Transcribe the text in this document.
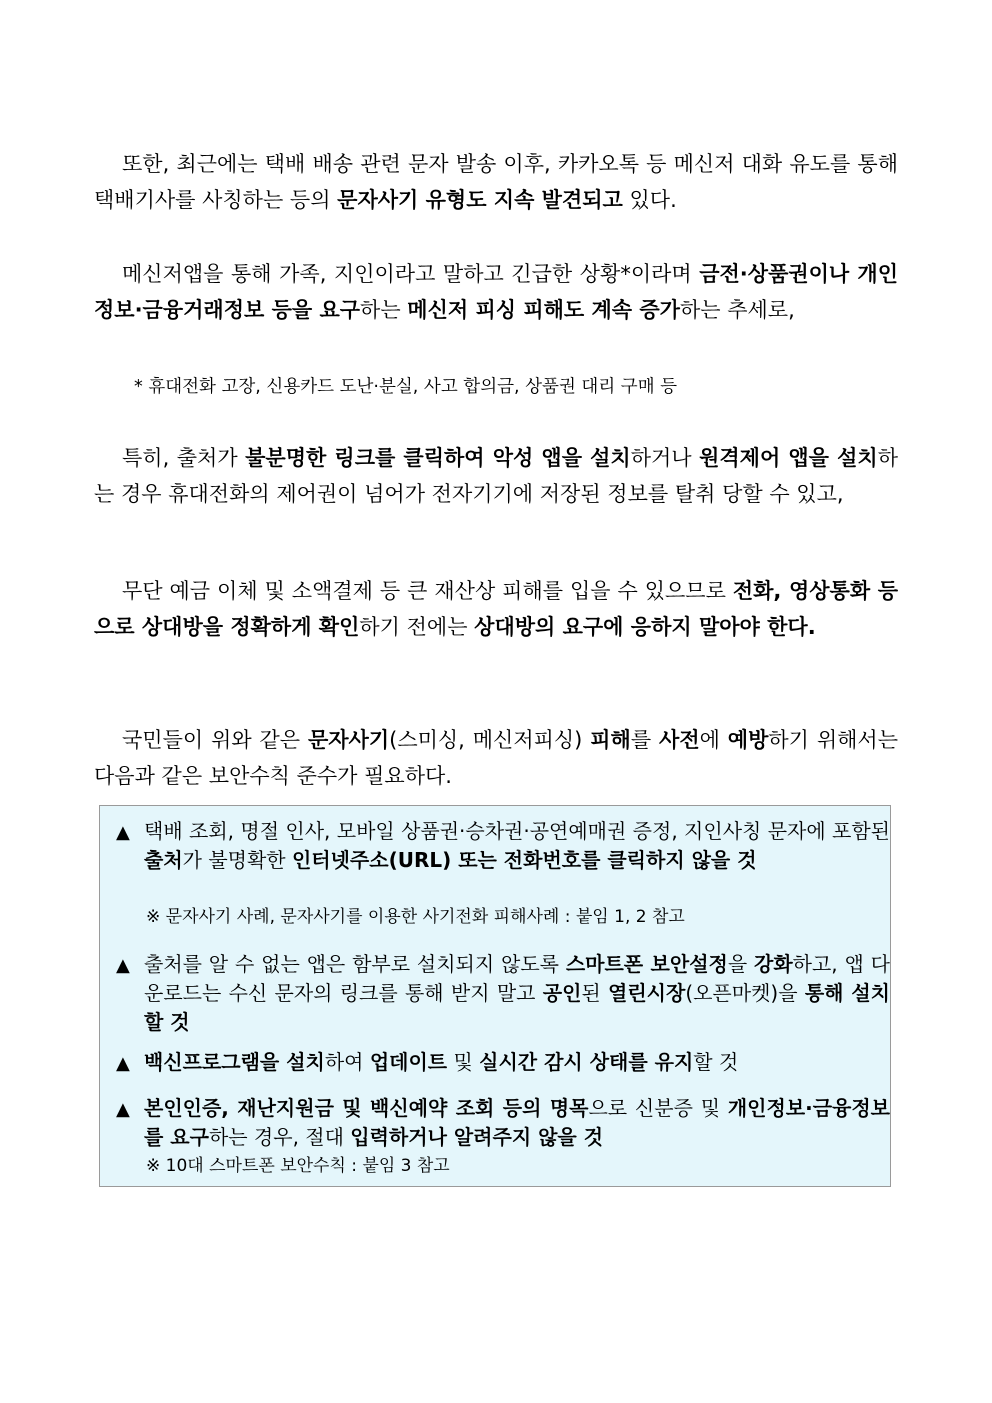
또한, 최근에는 택배 배송 관련 문자 발송 이후, 카카오톡 등 메신저 대화 유도를 통해 택배기사를 사칭하는 등의 문자사기 유형도 지속 발견되고 있다.

메신저앱을 통해 가족, 지인이라고 말하고 긴급한 상황*이라며 금전·상품권이나 개인정보·금융거래정보 등을 요구하는 메신저 피싱 피해도 계속 증가하는 추세로,

* 휴대전화 고장, 신용카드 도난·분실, 사고 합의금, 상품권 대리 구매 등

특히, 출처가 불분명한 링크를 클릭하여 악성 앱을 설치하거나 원격제어 앱을 설치하는 경우 휴대전화의 제어권이 넘어가 전자기기에 저장된 정보를 탈취 당할 수 있고,

무단 예금 이체 및 소액결제 등 큰 재산상 피해를 입을 수 있으므로 전화, 영상통화 등으로 상대방을 정확하게 확인하기 전에는 상대방의 요구에 응하지 말아야 한다.

국민들이 위와 같은 문자사기(스미싱, 메신저피싱) 피해를 사전에 예방하기 위해서는 다음과 같은 보안수칙 준수가 필요하다.

▲ 택배 조회, 명절 인사, 모바일 상품권·승차권·공연예매권 증정, 지인사칭 문자에 포함된 출처가 불명확한 인터넷주소(URL) 또는 전화번호를 클릭하지 않을 것
※ 문자사기 사례, 문자사기를 이용한 사기전화 피해사례 : 붙임 1, 2 참고
▲ 출처를 알 수 없는 앱은 함부로 설치되지 않도록 스마트폰 보안설정을 강화하고, 앱 다운로드는 수신 문자의 링크를 통해 받지 말고 공인된 열린시장(오픈마켓)을 통해 설치할 것
▲ 백신프로그램을 설치하여 업데이트 및 실시간 감시 상태를 유지할 것
▲ 본인인증, 재난지원금 및 백신예약 조회 등의 명목으로 신분증 및 개인정보·금융정보를 요구하는 경우, 절대 입력하거나 알려주지 않을 것
※ 10대 스마트폰 보안수칙 : 붙임 3 참고
